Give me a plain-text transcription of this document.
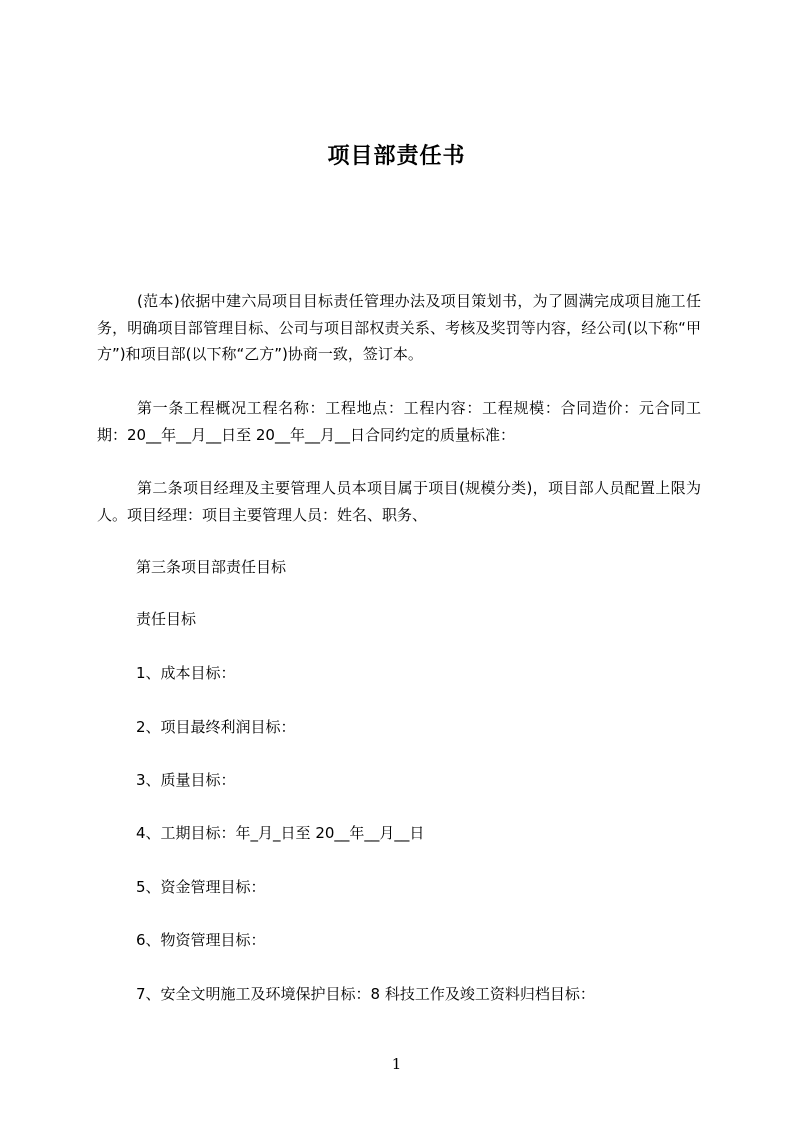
项目部责任书

(范本)依据中建六局项目目标责任管理办法及项目策划书，为了圆满完成项目施工任务，明确项目部管理目标、公司与项目部权责关系、考核及奖罚等内容，经公司(以下称“甲方”)和项目部(以下称“乙方”)协商一致，签订本。

第一条工程概况工程名称：工程地点：工程内容：工程规模：合同造价：元合同工期：20__年__月__日至 20__年__月__日合同约定的质量标准：

第二条项目经理及主要管理人员本项目属于项目(规模分类)，项目部人员配置上限为人。项目经理：项目主要管理人员：姓名、职务、

第三条项目部责任目标
责任目标
1、成本目标：
2、项目最终利润目标：
3、质量目标：
4、工期目标：年_月_日至 20__年__月__日
5、资金管理目标：
6、物资管理目标：
7、安全文明施工及环境保护目标：8 科技工作及竣工资料归档目标：
1
